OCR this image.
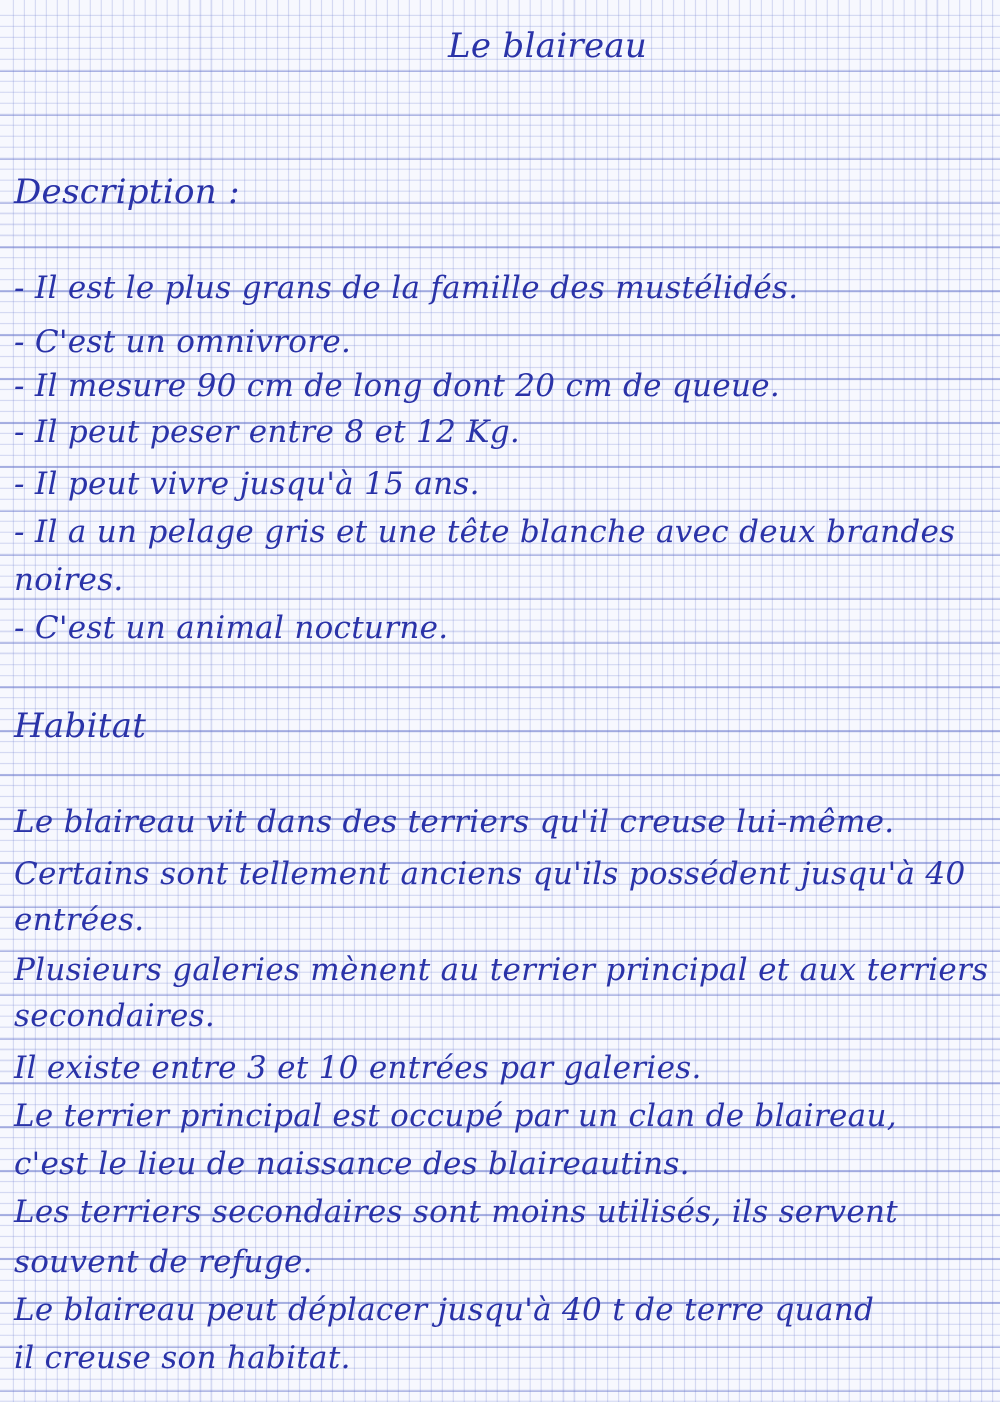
Le blaireau
Description :
- Il est le plus grans de la famille des mustélidés.
- C'est un omnivrore.
- Il mesure 90 cm de long dont 20 cm de queue.
- Il peut peser entre 8 et 12 Kg.
- Il peut vivre jusqu'à 15 ans.
- Il a un pelage gris et une tête blanche avec deux brandes
noires.
- C'est un animal nocturne.
Habitat
Le blaireau vit dans des terriers qu'il creuse lui-même.
Certains sont tellement anciens qu'ils possédent jusqu'à 40
entrées.
Plusieurs galeries mènent au terrier principal et aux terriers
secondaires.
Il existe entre 3 et 10 entrées par galeries.
Le terrier principal est occupé par un clan de blaireau,
c'est le lieu de naissance des blaireautins.
Les terriers secondaires sont moins utilisés, ils servent
souvent de refuge.
Le blaireau peut déplacer jusqu'à 40 t de terre quand
il creuse son habitat.
